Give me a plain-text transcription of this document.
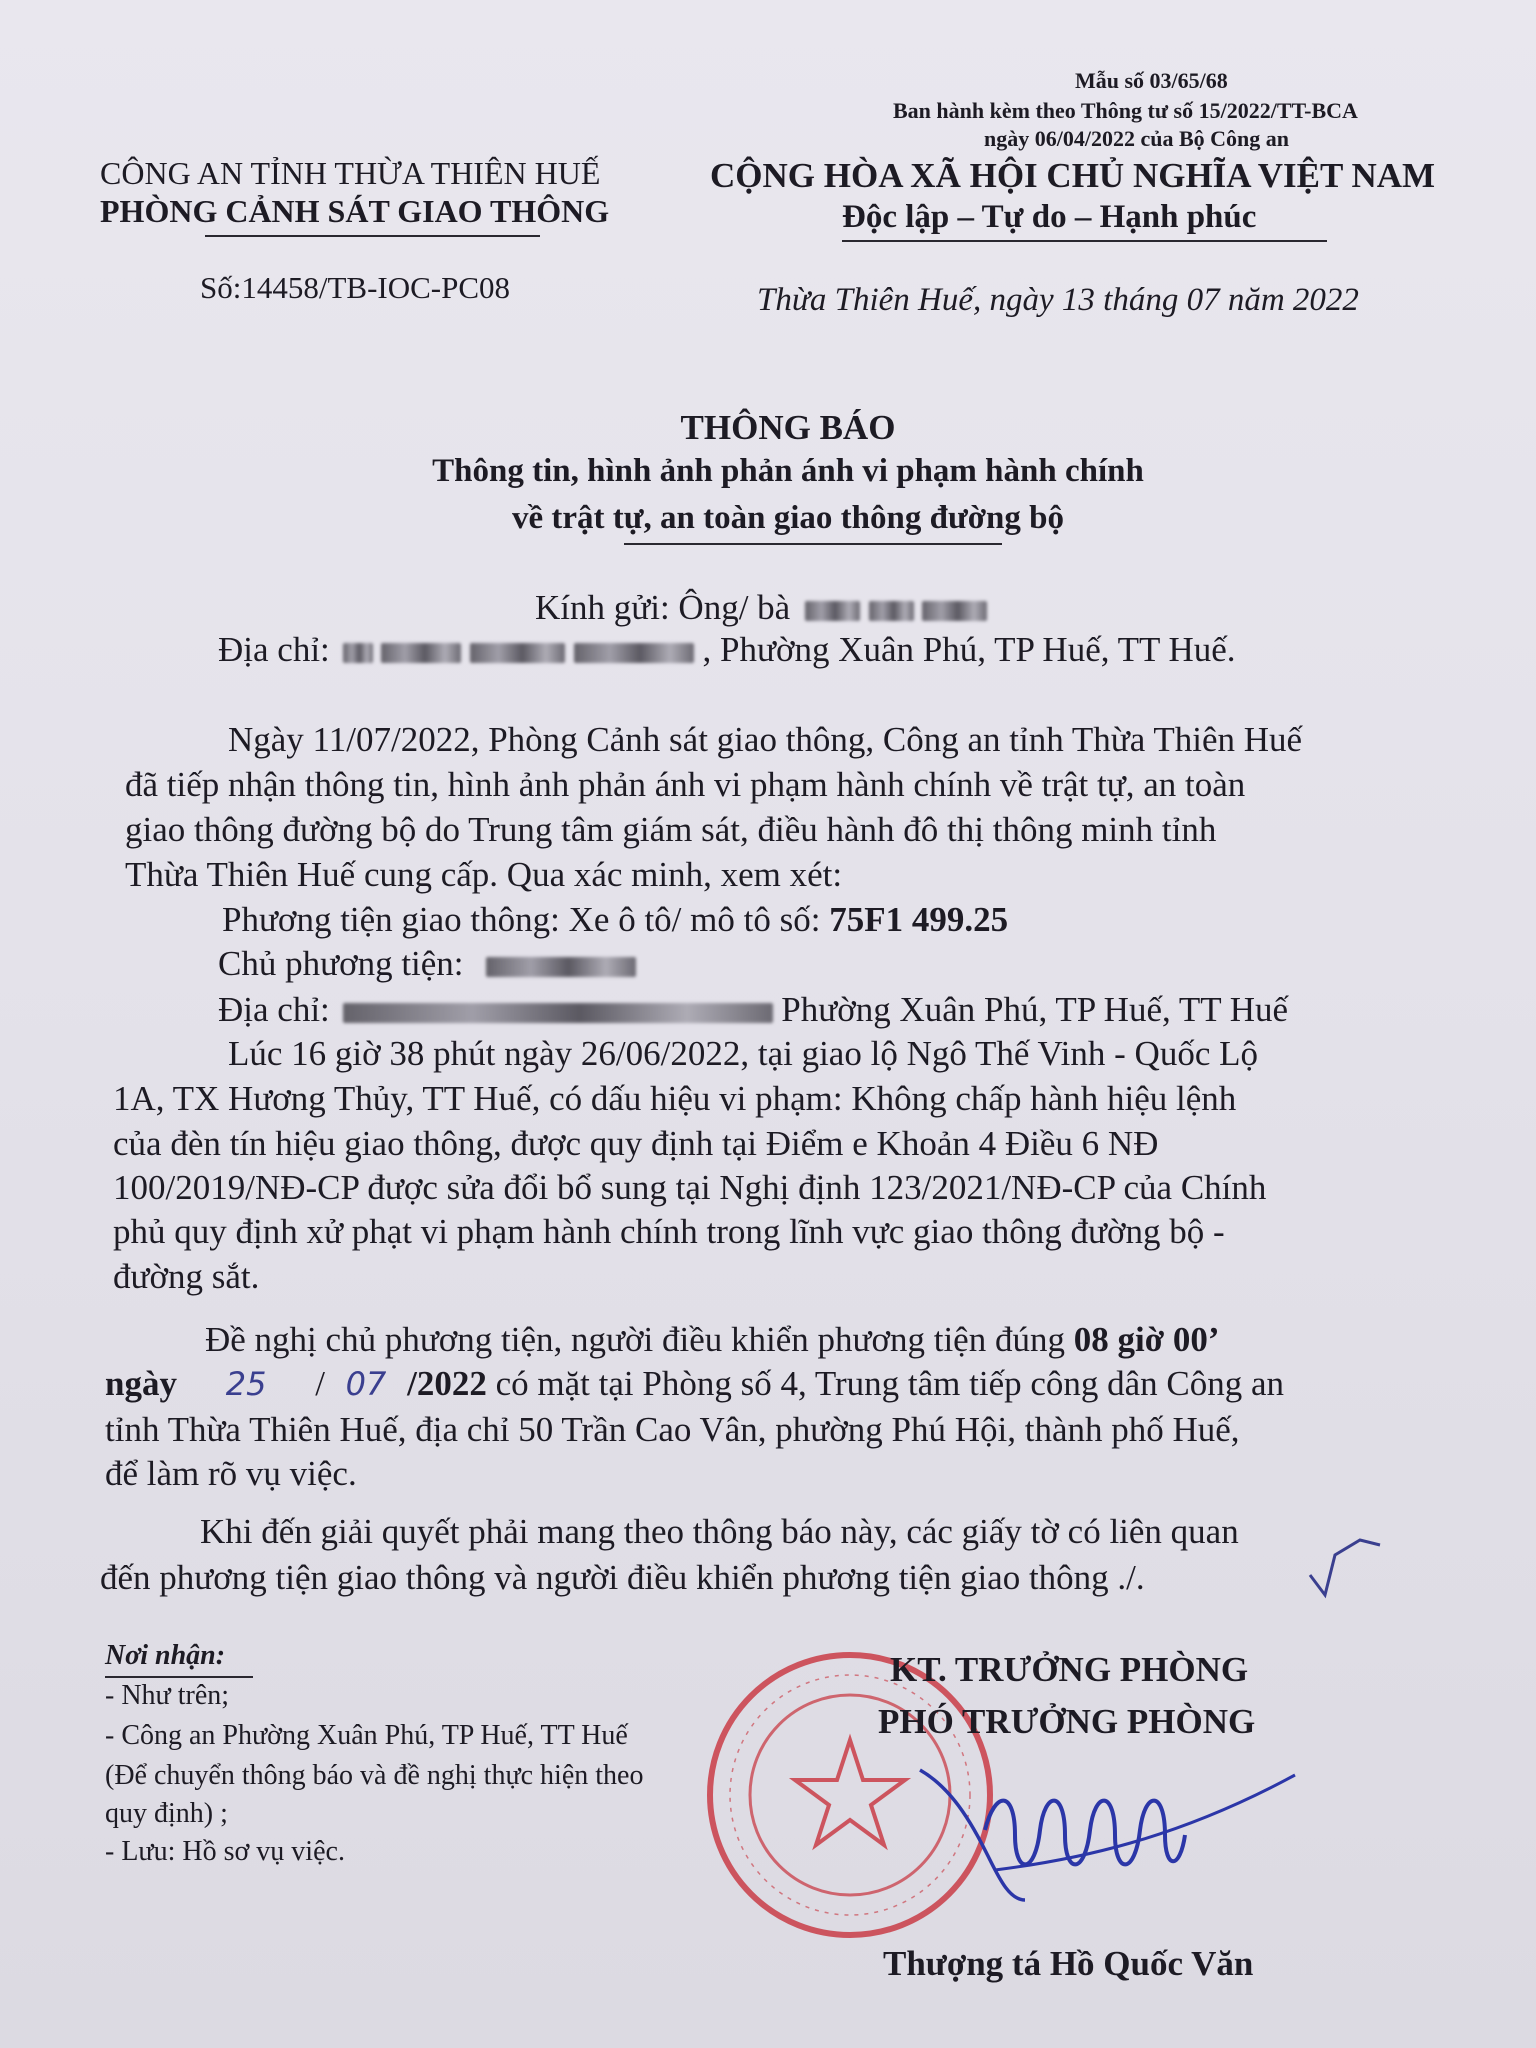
Mẫu số 03/65/68
Ban hành kèm theo Thông tư số 15/2022/TT-BCA
ngày 06/04/2022 của Bộ Công an
CÔNG AN TỈNH THỪA THIÊN HUẾ
PHÒNG CẢNH SÁT GIAO THÔNG
Số:14458/TB-IOC-PC08
CỘNG HÒA XÃ HỘI CHỦ NGHĨA VIỆT NAM
Độc lập – Tự do – Hạnh phúc
Thừa Thiên Huế, ngày 13 tháng 07 năm 2022
THÔNG BÁO
Thông tin, hình ảnh phản ánh vi phạm hành chính
về trật tự, an toàn giao thông đường bộ
Kính gửi: Ông/ bà
Địa chỉ:	, Phường Xuân Phú, TP Huế, TT Huế.
Ngày 11/07/2022, Phòng Cảnh sát giao thông, Công an tỉnh Thừa Thiên Huế
đã tiếp nhận thông tin, hình ảnh phản ánh vi phạm hành chính về trật tự, an toàn
giao thông đường bộ do Trung tâm giám sát, điều hành đô thị thông minh tỉnh
Thừa Thiên Huế cung cấp. Qua xác minh, xem xét:
Phương tiện giao thông: Xe ô tô/ mô tô số: 75F1 499.25
Chủ phương tiện:
Địa chỉ:	Phường Xuân Phú, TP Huế, TT Huế
Lúc 16 giờ 38 phút ngày 26/06/2022, tại giao lộ Ngô Thế Vinh - Quốc Lộ
1A, TX Hương Thủy, TT Huế, có dấu hiệu vi phạm: Không chấp hành hiệu lệnh
của đèn tín hiệu giao thông, được quy định tại Điểm e Khoản 4 Điều 6 NĐ
100/2019/NĐ-CP được sửa đổi bổ sung tại Nghị định 123/2021/NĐ-CP của Chính
phủ quy định xử phạt vi phạm hành chính trong lĩnh vực giao thông đường bộ -
đường sắt.
Đề nghị chủ phương tiện, người điều khiển phương tiện đúng 08 giờ 00’
ngày 25 / 07 /2022 có mặt tại Phòng số 4, Trung tâm tiếp công dân Công an
tỉnh Thừa Thiên Huế, địa chỉ 50 Trần Cao Vân, phường Phú Hội, thành phố Huế,
để làm rõ vụ việc.
Khi đến giải quyết phải mang theo thông báo này, các giấy tờ có liên quan
đến phương tiện giao thông và người điều khiển phương tiện giao thông ./.
Nơi nhận:
- Như trên;
- Công an Phường Xuân Phú, TP Huế, TT Huế
(Để chuyển thông báo và đề nghị thực hiện theo
quy định) ;
- Lưu: Hồ sơ vụ việc.
KT. TRƯỞNG PHÒNG
PHÓ TRƯỞNG PHÒNG
Thượng tá Hồ Quốc Văn
